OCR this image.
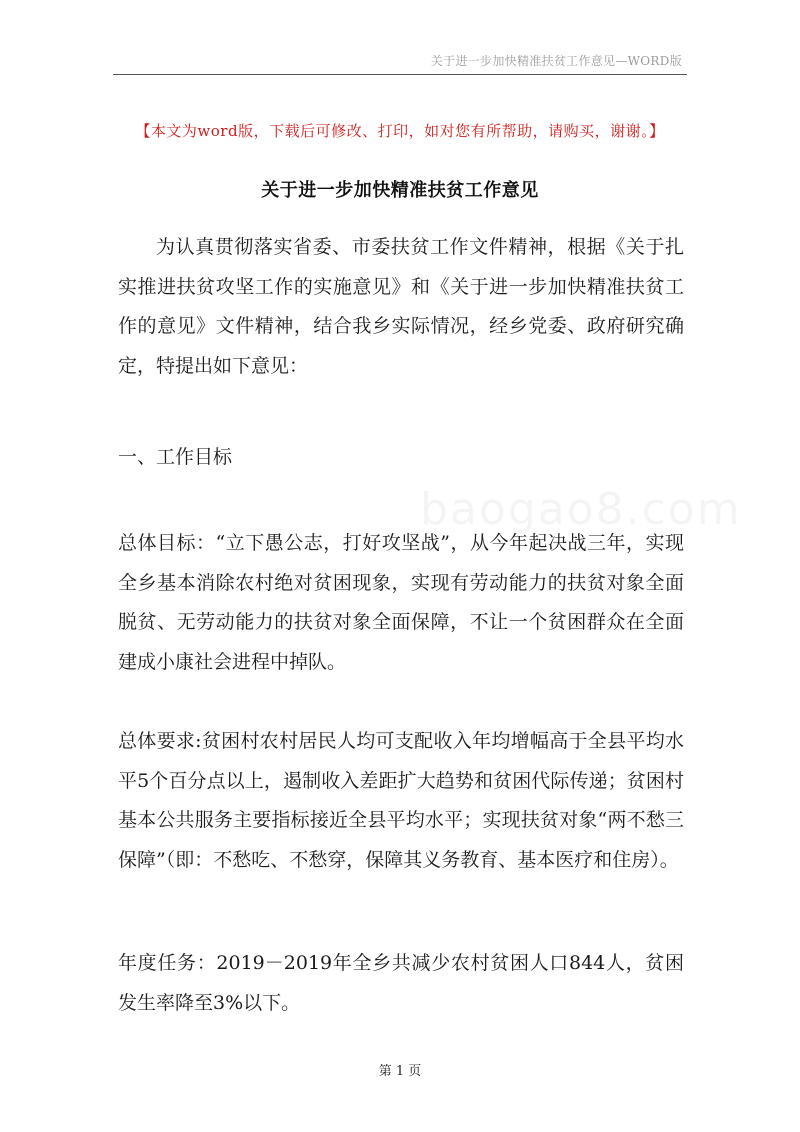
关于进一步加快精准扶贫工作意见—WORD版
【本文为word版，下载后可修改、打印，如对您有所帮助，请购买，谢谢。】
关于进一步加快精准扶贫工作意见

为认真贯彻落实省委、市委扶贫工作文件精神，根据《关于扎实推进扶贫攻坚工作的实施意见》和《关于进一步加快精准扶贫工作的意见》文件精神，结合我乡实际情况，经乡党委、政府研究确定，特提出如下意见：

一、工作目标

总体目标：“立下愚公志，打好攻坚战”，从今年起决战三年，实现全乡基本消除农村绝对贫困现象，实现有劳动能力的扶贫对象全面脱贫、无劳动能力的扶贫对象全面保障，不让一个贫困群众在全面建成小康社会进程中掉队。

总体要求:贫困村农村居民人均可支配收入年均增幅高于全县平均水平5个百分点以上，遏制收入差距扩大趋势和贫困代际传递；贫困村基本公共服务主要指标接近全县平均水平；实现扶贫对象“两不愁三保障”（即：不愁吃、不愁穿，保障其义务教育、基本医疗和住房）。

年度任务：2019－2019年全乡共减少农村贫困人口844人，贫困发生率降至3%以下。

第 1 页
